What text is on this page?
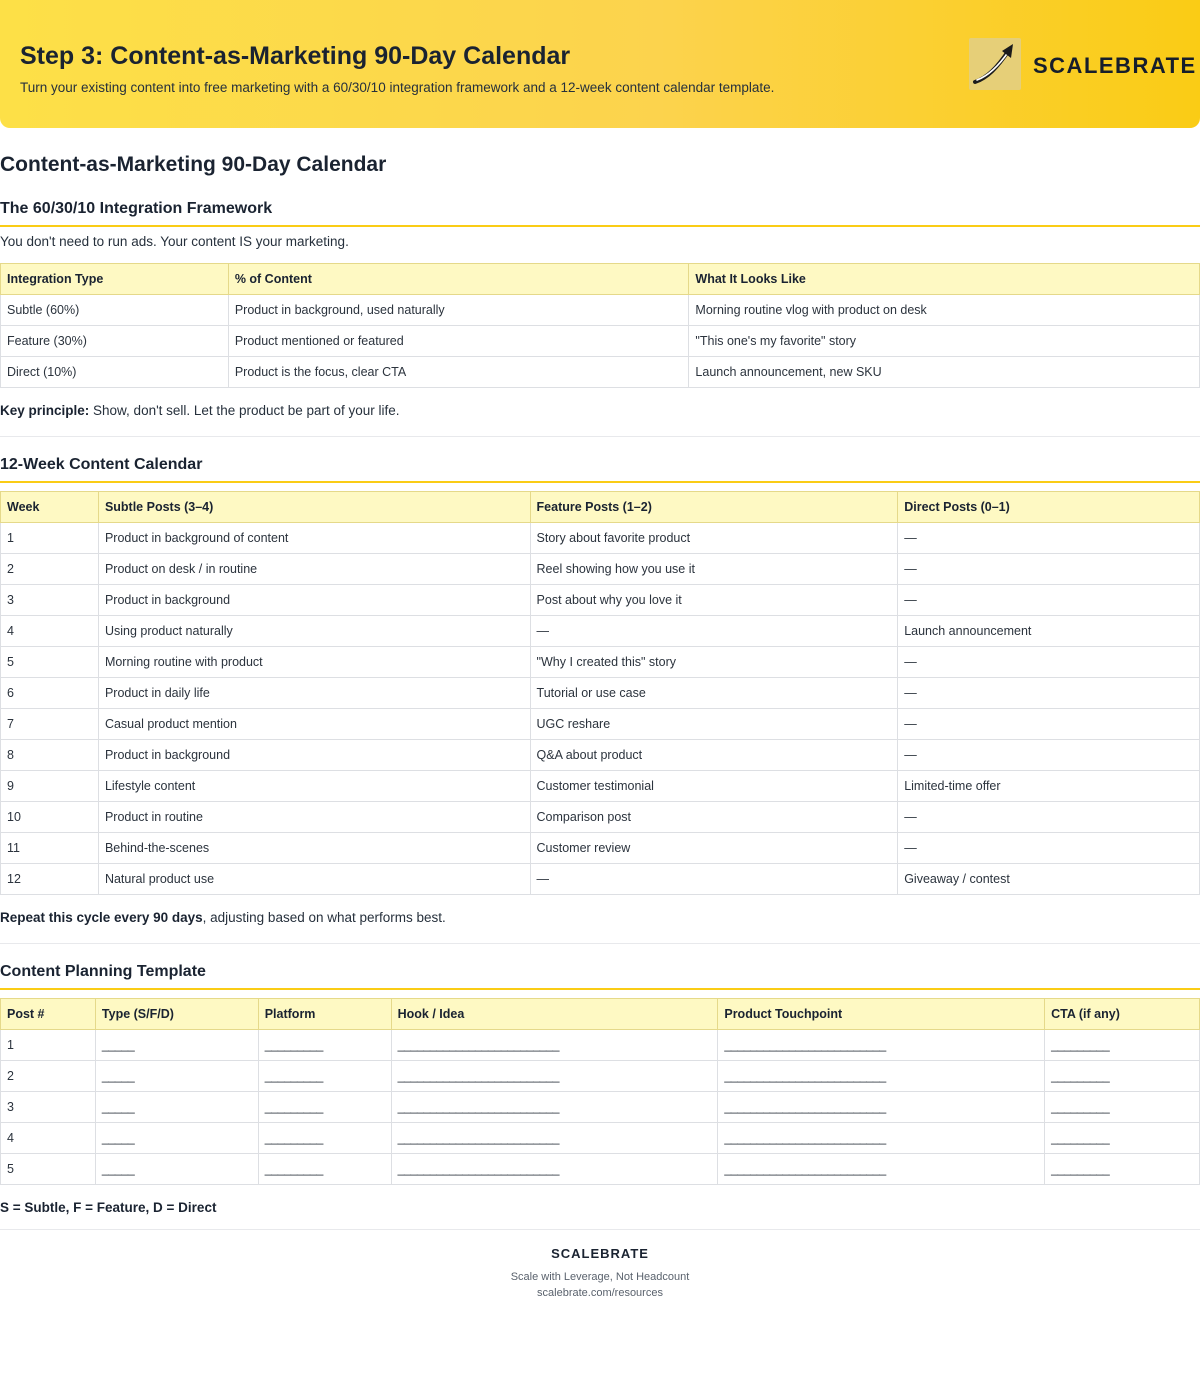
Step 3: Content-as-Marketing 90-Day Calendar
Turn your existing content into free marketing with a 60/30/10 integration framework and a 12-week content calendar template.
SCALEBRATE
Content-as-Marketing 90-Day Calendar
The 60/30/10 Integration Framework

You don't need to run ads. Your content IS your marketing.

Integration Type	% of Content	What It Looks Like
Subtle (60%)	Product in background, used naturally	Morning routine vlog with product on desk
Feature (30%)	Product mentioned or featured	"This one's my favorite" story
Direct (10%)	Product is the focus, clear CTA	Launch announcement, new SKU

Key principle: Show, don't sell. Let the product be part of your life.

12-Week Content Calendar
Week	Subtle Posts (3–4)	Feature Posts (1–2)	Direct Posts (0–1)
1	Product in background of content	Story about favorite product	—
2	Product on desk / in routine	Reel showing how you use it	—
3	Product in background	Post about why you love it	—
4	Using product naturally	—	Launch announcement
5	Morning routine with product	"Why I created this" story	—
6	Product in daily life	Tutorial or use case	—
7	Casual product mention	UGC reshare	—
8	Product in background	Q&A about product	—
9	Lifestyle content	Customer testimonial	Limited-time offer
10	Product in routine	Comparison post	—
11	Behind-the-scenes	Customer review	—
12	Natural product use	—	Giveaway / contest

Repeat this cycle every 90 days, adjusting based on what performs best.

Content Planning Template
Post #	Type (S/F/D)	Platform	Hook / Idea	Product Touchpoint	CTA (if any)
1	_____	_________	_________________________	_________________________	_________
2	_____	_________	_________________________	_________________________	_________
3	_____	_________	_________________________	_________________________	_________
4	_____	_________	_________________________	_________________________	_________
5	_____	_________	_________________________	_________________________	_________

S = Subtle, F = Feature, D = Direct

SCALEBRATE
Scale with Leverage, Not Headcount
scalebrate.com/resources
